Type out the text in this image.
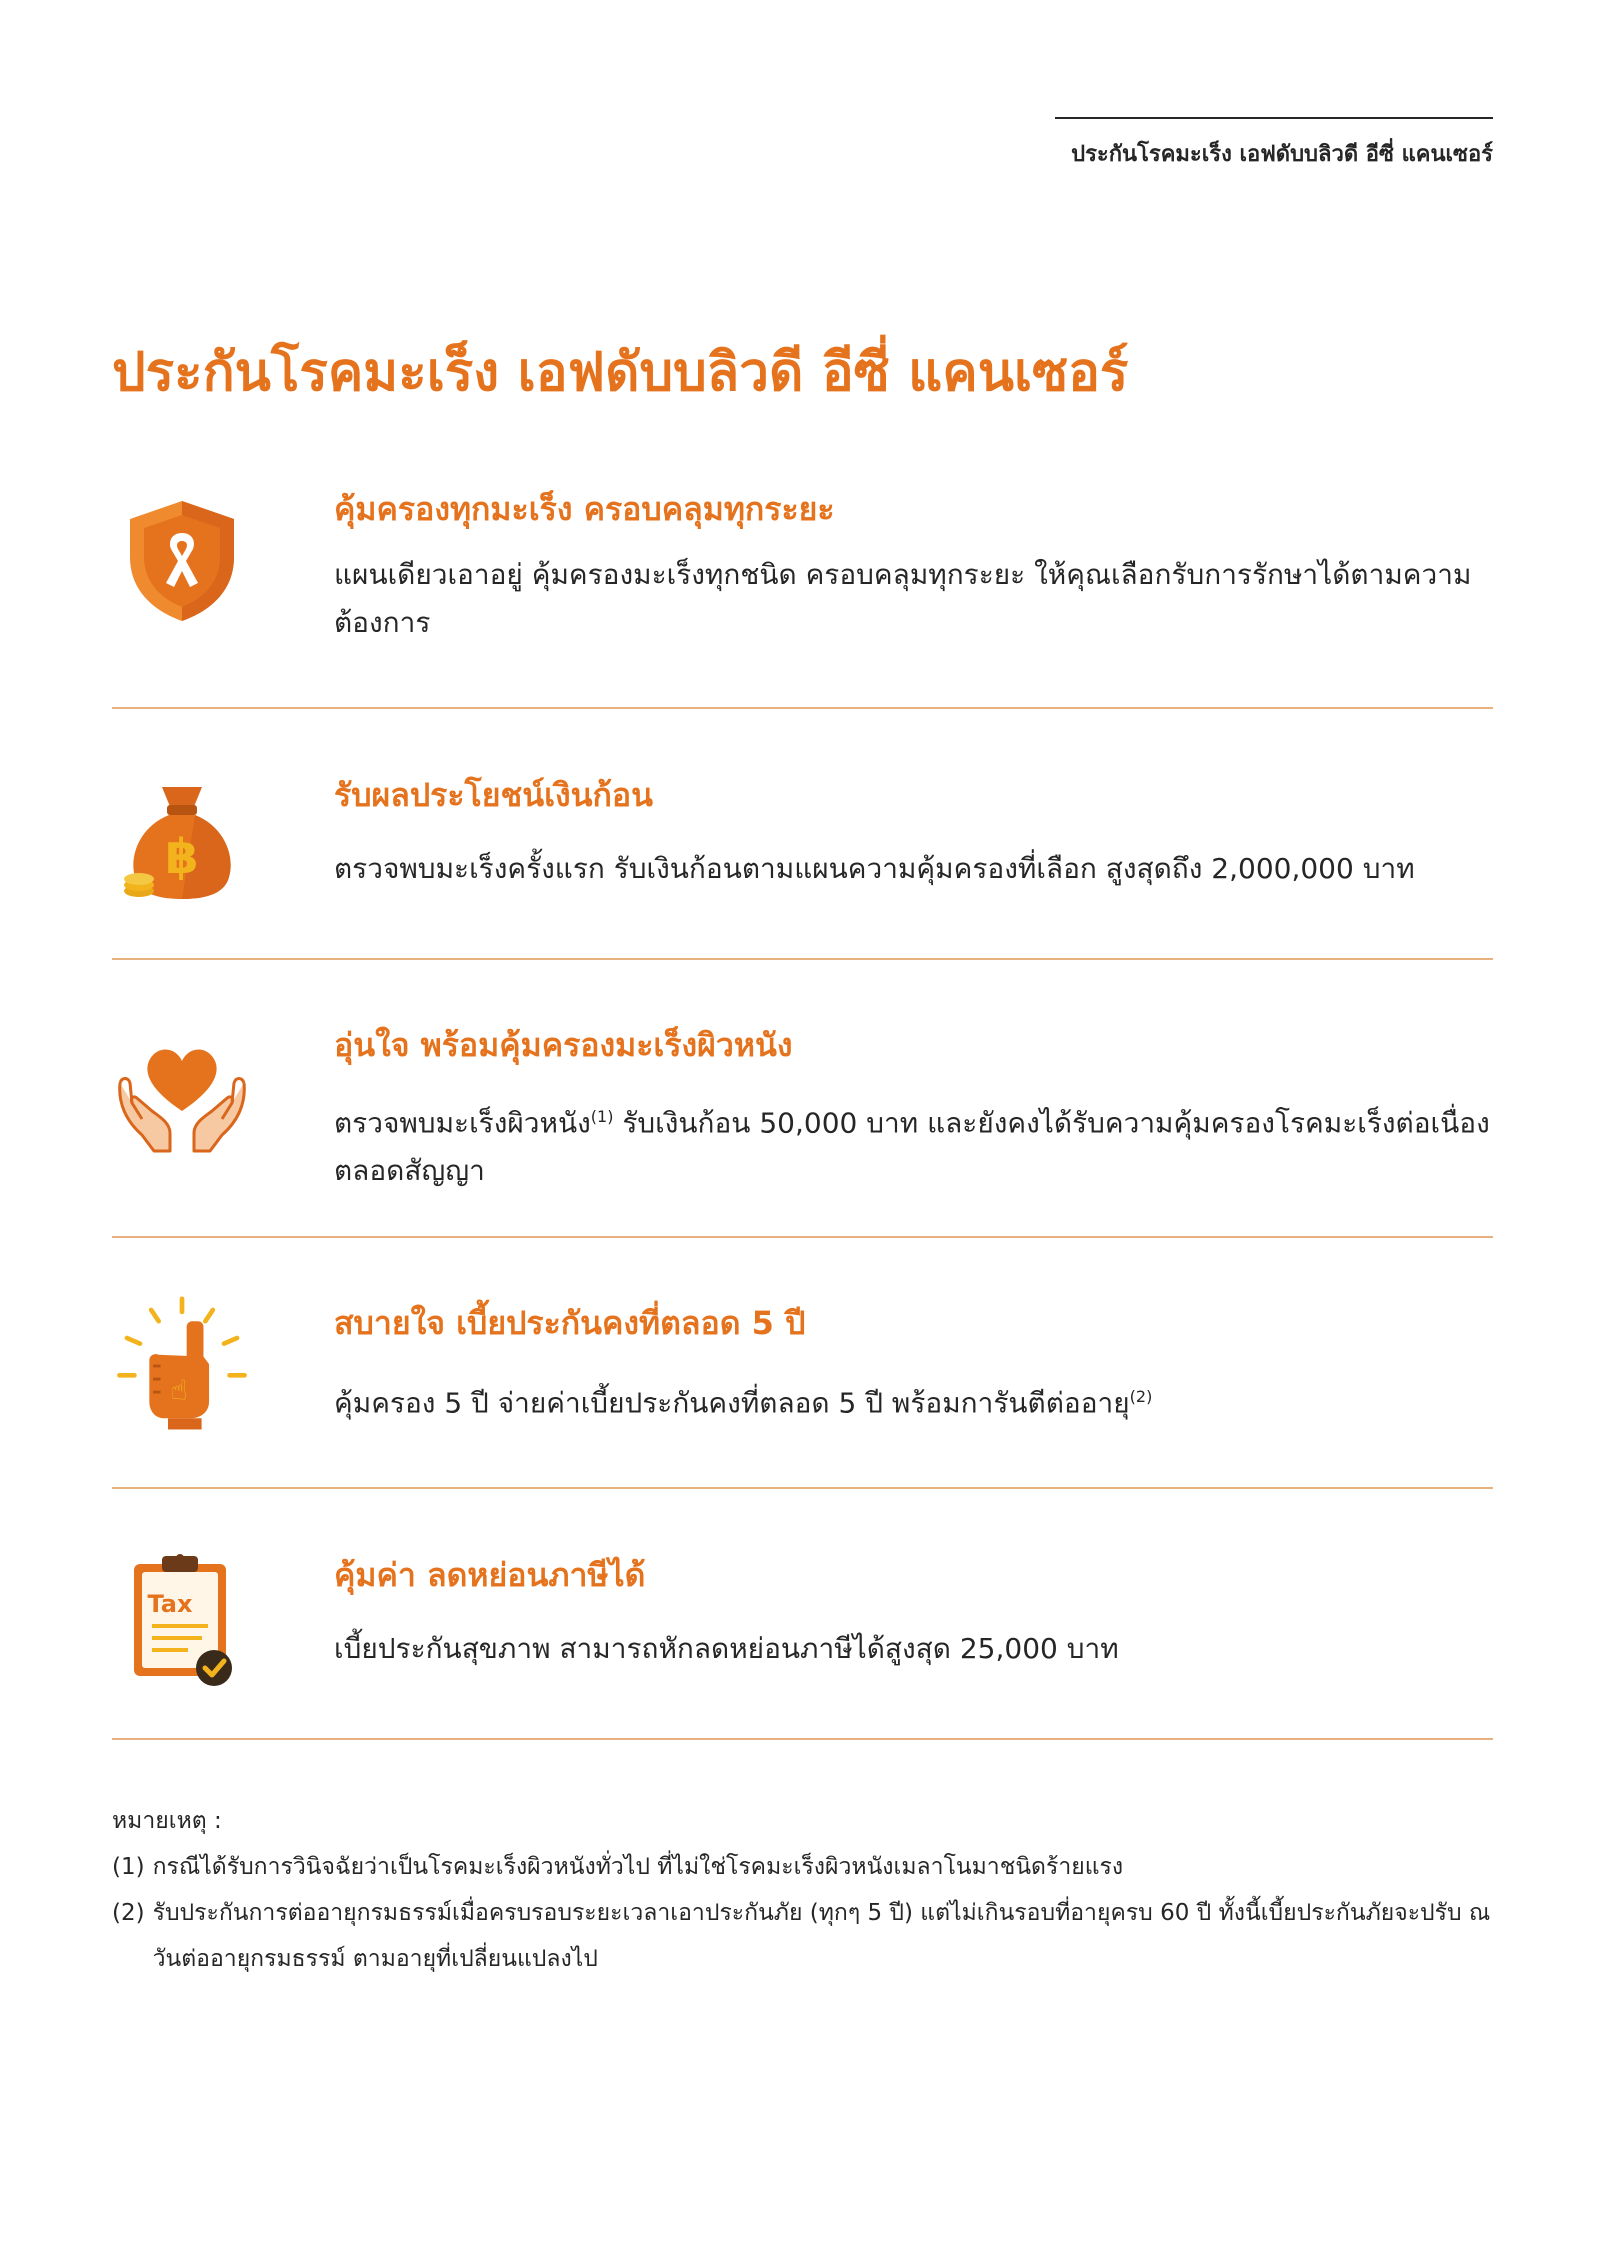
ประกันโรคมะเร็ง เอฟดับบลิวดี อีซี่ แคนเซอร์
ประกันโรคมะเร็ง เอฟดับบลิวดี อีซี่ แคนเซอร์
คุ้มครองทุกมะเร็ง ครอบคลุมทุกระยะ

แผนเดียวเอาอยู่ คุ้มครองมะเร็งทุกชนิด ครอบคลุมทุกระยะ ให้คุณเลือกรับการรักษาได้ตามความต้องการ

฿
รับผลประโยชน์เงินก้อน

ตรวจพบมะเร็งครั้งแรก รับเงินก้อนตามแผนความคุ้มครองที่เลือก สูงสุดถึง 2,000,000 บาท

อุ่นใจ พร้อมคุ้มครองมะเร็งผิวหนัง

ตรวจพบมะเร็งผิวหนัง$^{(1)}$ รับเงินก้อน 50,000 บาท และยังคงได้รับความคุ้มครองโรคมะเร็งต่อเนื่องตลอดสัญญา

☝
สบายใจ เบี้ยประกันคงที่ตลอด 5 ปี

คุ้มครอง 5 ปี จ่ายค่าเบี้ยประกันคงที่ตลอด 5 ปี พร้อมการันตีต่ออายุ$^{(2)}$

Tax
คุ้มค่า ลดหย่อนภาษีได้

เบี้ยประกันสุขภาพ สามารถหักลดหย่อนภาษีได้สูงสุด 25,000 บาท

หมายเหตุ :
(1) กรณีได้รับการวินิจฉัยว่าเป็นโรคมะเร็งผิวหนังทั่วไป ที่ไม่ใช่โรคมะเร็งผิวหนังเมลาโนมาชนิดร้ายแรง
(2) รับประกันการต่ออายุกรมธรรม์เมื่อครบรอบระยะเวลาเอาประกันภัย (ทุกๆ 5 ปี) แต่ไม่เกินรอบที่อายุครบ 60 ปี ทั้งนี้เบี้ยประกันภัยจะปรับ ณ วันต่ออายุกรมธรรม์ ตามอายุที่เปลี่ยนแปลงไป
